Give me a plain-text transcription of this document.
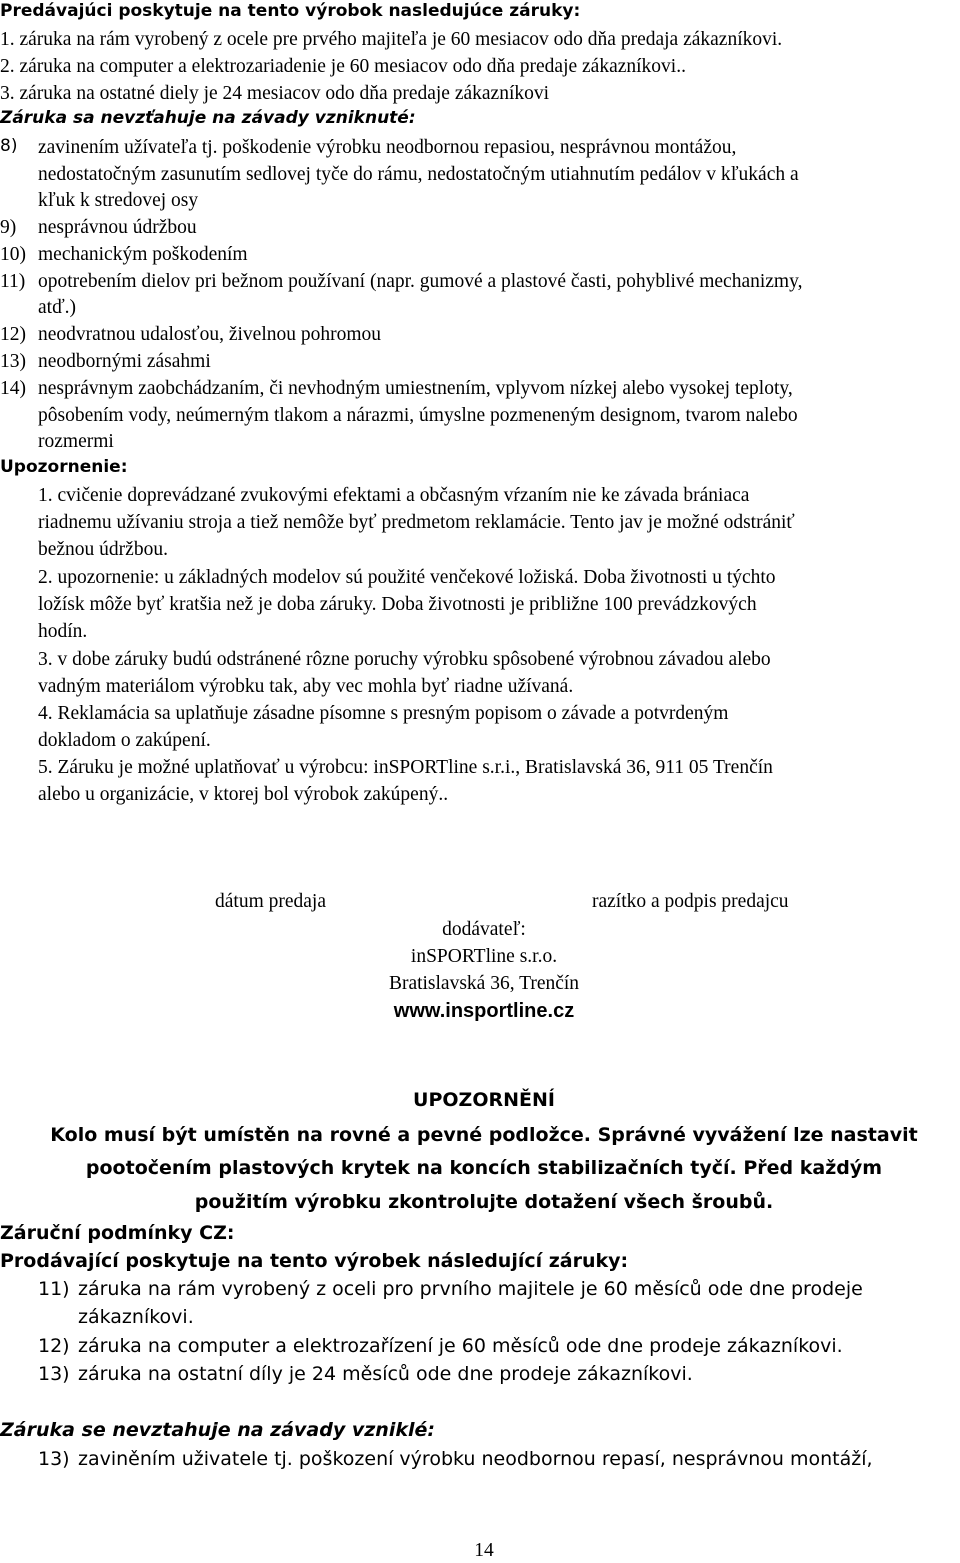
Predávajúci poskytuje na tento výrobok nasledujúce záruky:
1. záruka na rám vyrobený z ocele pre prvého majiteľa je 60 mesiacov odo dňa predaja zákazníkovi.
2. záruka na computer a elektrozariadenie je 60 mesiacov odo dňa predaje zákazníkovi..
3. záruka na ostatné diely je 24 mesiacov odo dňa predaje zákazníkovi
Záruka sa nevzťahuje na závady vzniknuté:
8) zavinením užívateľa tj. poškodenie výrobku neodbornou repasiou, nesprávnou montážou,
nedostatočným zasunutím sedlovej tyče do rámu, nedostatočným utiahnutím pedálov v kľukách a
kľuk k stredovej osy
9) nesprávnou údržbou
10) mechanickým poškodením
11) opotrebením dielov pri bežnom používaní (napr. gumové a plastové časti, pohyblivé mechanizmy,
atď.)
12) neodvratnou udalosťou, živelnou pohromou
13) neodbornými zásahmi
14) nesprávnym zaobchádzaním, či nevhodným umiestnením, vplyvom nízkej alebo vysokej teploty,
pôsobením vody, neúmerným tlakom a nárazmi, úmyslne pozmeneným designom, tvarom nalebo
rozmermi
Upozornenie:
1. cvičenie doprevádzané zvukovými efektami a občasným vŕzaním nie ke závada brániaca
riadnemu užívaniu stroja a tiež nemôže byť predmetom reklamácie. Tento jav je možné odstrániť
bežnou údržbou.
2. upozornenie: u základných modelov sú použité venčekové ložiská. Doba životnosti u týchto
ložísk môže byť kratšia než je doba záruky. Doba životnosti je približne 100 prevádzkových
hodín.
3. v dobe záruky budú odstránené rôzne poruchy výrobku spôsobené výrobnou závadou alebo
vadným materiálom výrobku tak, aby vec mohla byť riadne užívaná.
4. Reklamácia sa uplatňuje zásadne písomne s presným popisom o závade a potvrdeným
dokladom o zakúpení.
5. Záruku je možné uplatňovať u výrobcu: inSPORTline s.r.i., Bratislavská 36, 911 05 Trenčín
alebo u organizácie, v ktorej bol výrobok zakúpený..
dátum predaja	razítko a podpis predajcu
dodávateľ:
inSPORTline s.r.o.
Bratislavská 36, Trenčín
www.insportline.cz
UPOZORNĚNÍ
Kolo musí být umístěn na rovné a pevné podložce. Správné vyvážení lze nastavit
pootočením plastových krytek na koncích stabilizačních tyčí. Před každým
použitím výrobku zkontrolujte dotažení všech šroubů.
Záruční podmínky CZ:
Prodávající poskytuje na tento výrobek následující záruky:
11) záruka na rám vyrobený z oceli pro prvního majitele je 60 měsíců ode dne prodeje
zákazníkovi.
12) záruka na computer a elektrozařízení je 60 měsíců ode dne prodeje zákazníkovi.
13) záruka na ostatní díly je 24 měsíců ode dne prodeje zákazníkovi.
Záruka se nevztahuje na závady vzniklé:
13) zaviněním uživatele tj. poškození výrobku neodbornou repasí, nesprávnou montáží,
14
